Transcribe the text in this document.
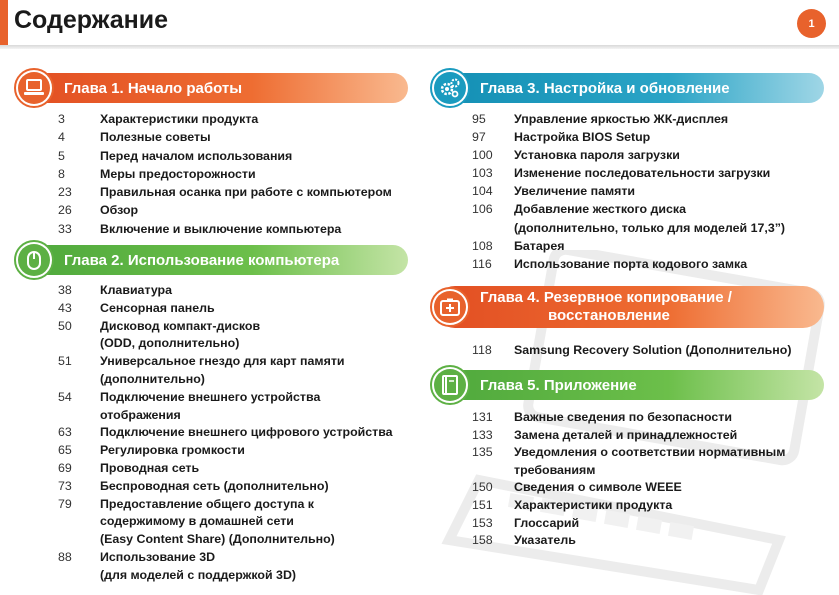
Содержание	1
Глава 1. Начало работы
3	Характеристики продукта
4	Полезные советы
5	Перед началом использования
8	Меры предосторожности
23	Правильная осанка при работе с компьютером
26	Обзор
33	Включение и выключение компьютера
Глава 2. Использование компьютера
38	Клавиатура
43	Сенсорная панель
50	Дисковод компакт-дисков
(ODD, дополнительно)
51	Универсальное гнездо для карт памяти
(дополнительно)
54	Подключение внешнего устройства
отображения
63	Подключение внешнего цифрового устройства
65	Регулировка громкости
69	Проводная сеть
73	Беспроводная сеть (дополнительно)
79	Предоставление общего доступа к
содержимому в домашней сети
(Easy Content Share) (Дополнительно)
88	Использование 3D
(для моделей с поддержкой 3D)
Глава 3. Настройка и обновление
95	Управление яркостью ЖК-дисплея
97	Настройка BIOS Setup
100	Установка пароля загрузки
103	Изменение последовательности загрузки
104	Увеличение памяти
106	Добавление жесткого диска
(дополнительно, только для моделей 17,3”)
108	Батарея
116	Использование порта кодового замка
Глава 4. Резервное копирование /
восстановление
118	Samsung Recovery Solution (Дополнительно)
Глава 5. Приложение
131	Важные сведения по безопасности
133	Замена деталей и принадлежностей
135	Уведомления о соответствии нормативным
требованиям
150	Сведения о символе WEEE
151	Характеристики продукта
153	Глоссарий
158	Указатель
